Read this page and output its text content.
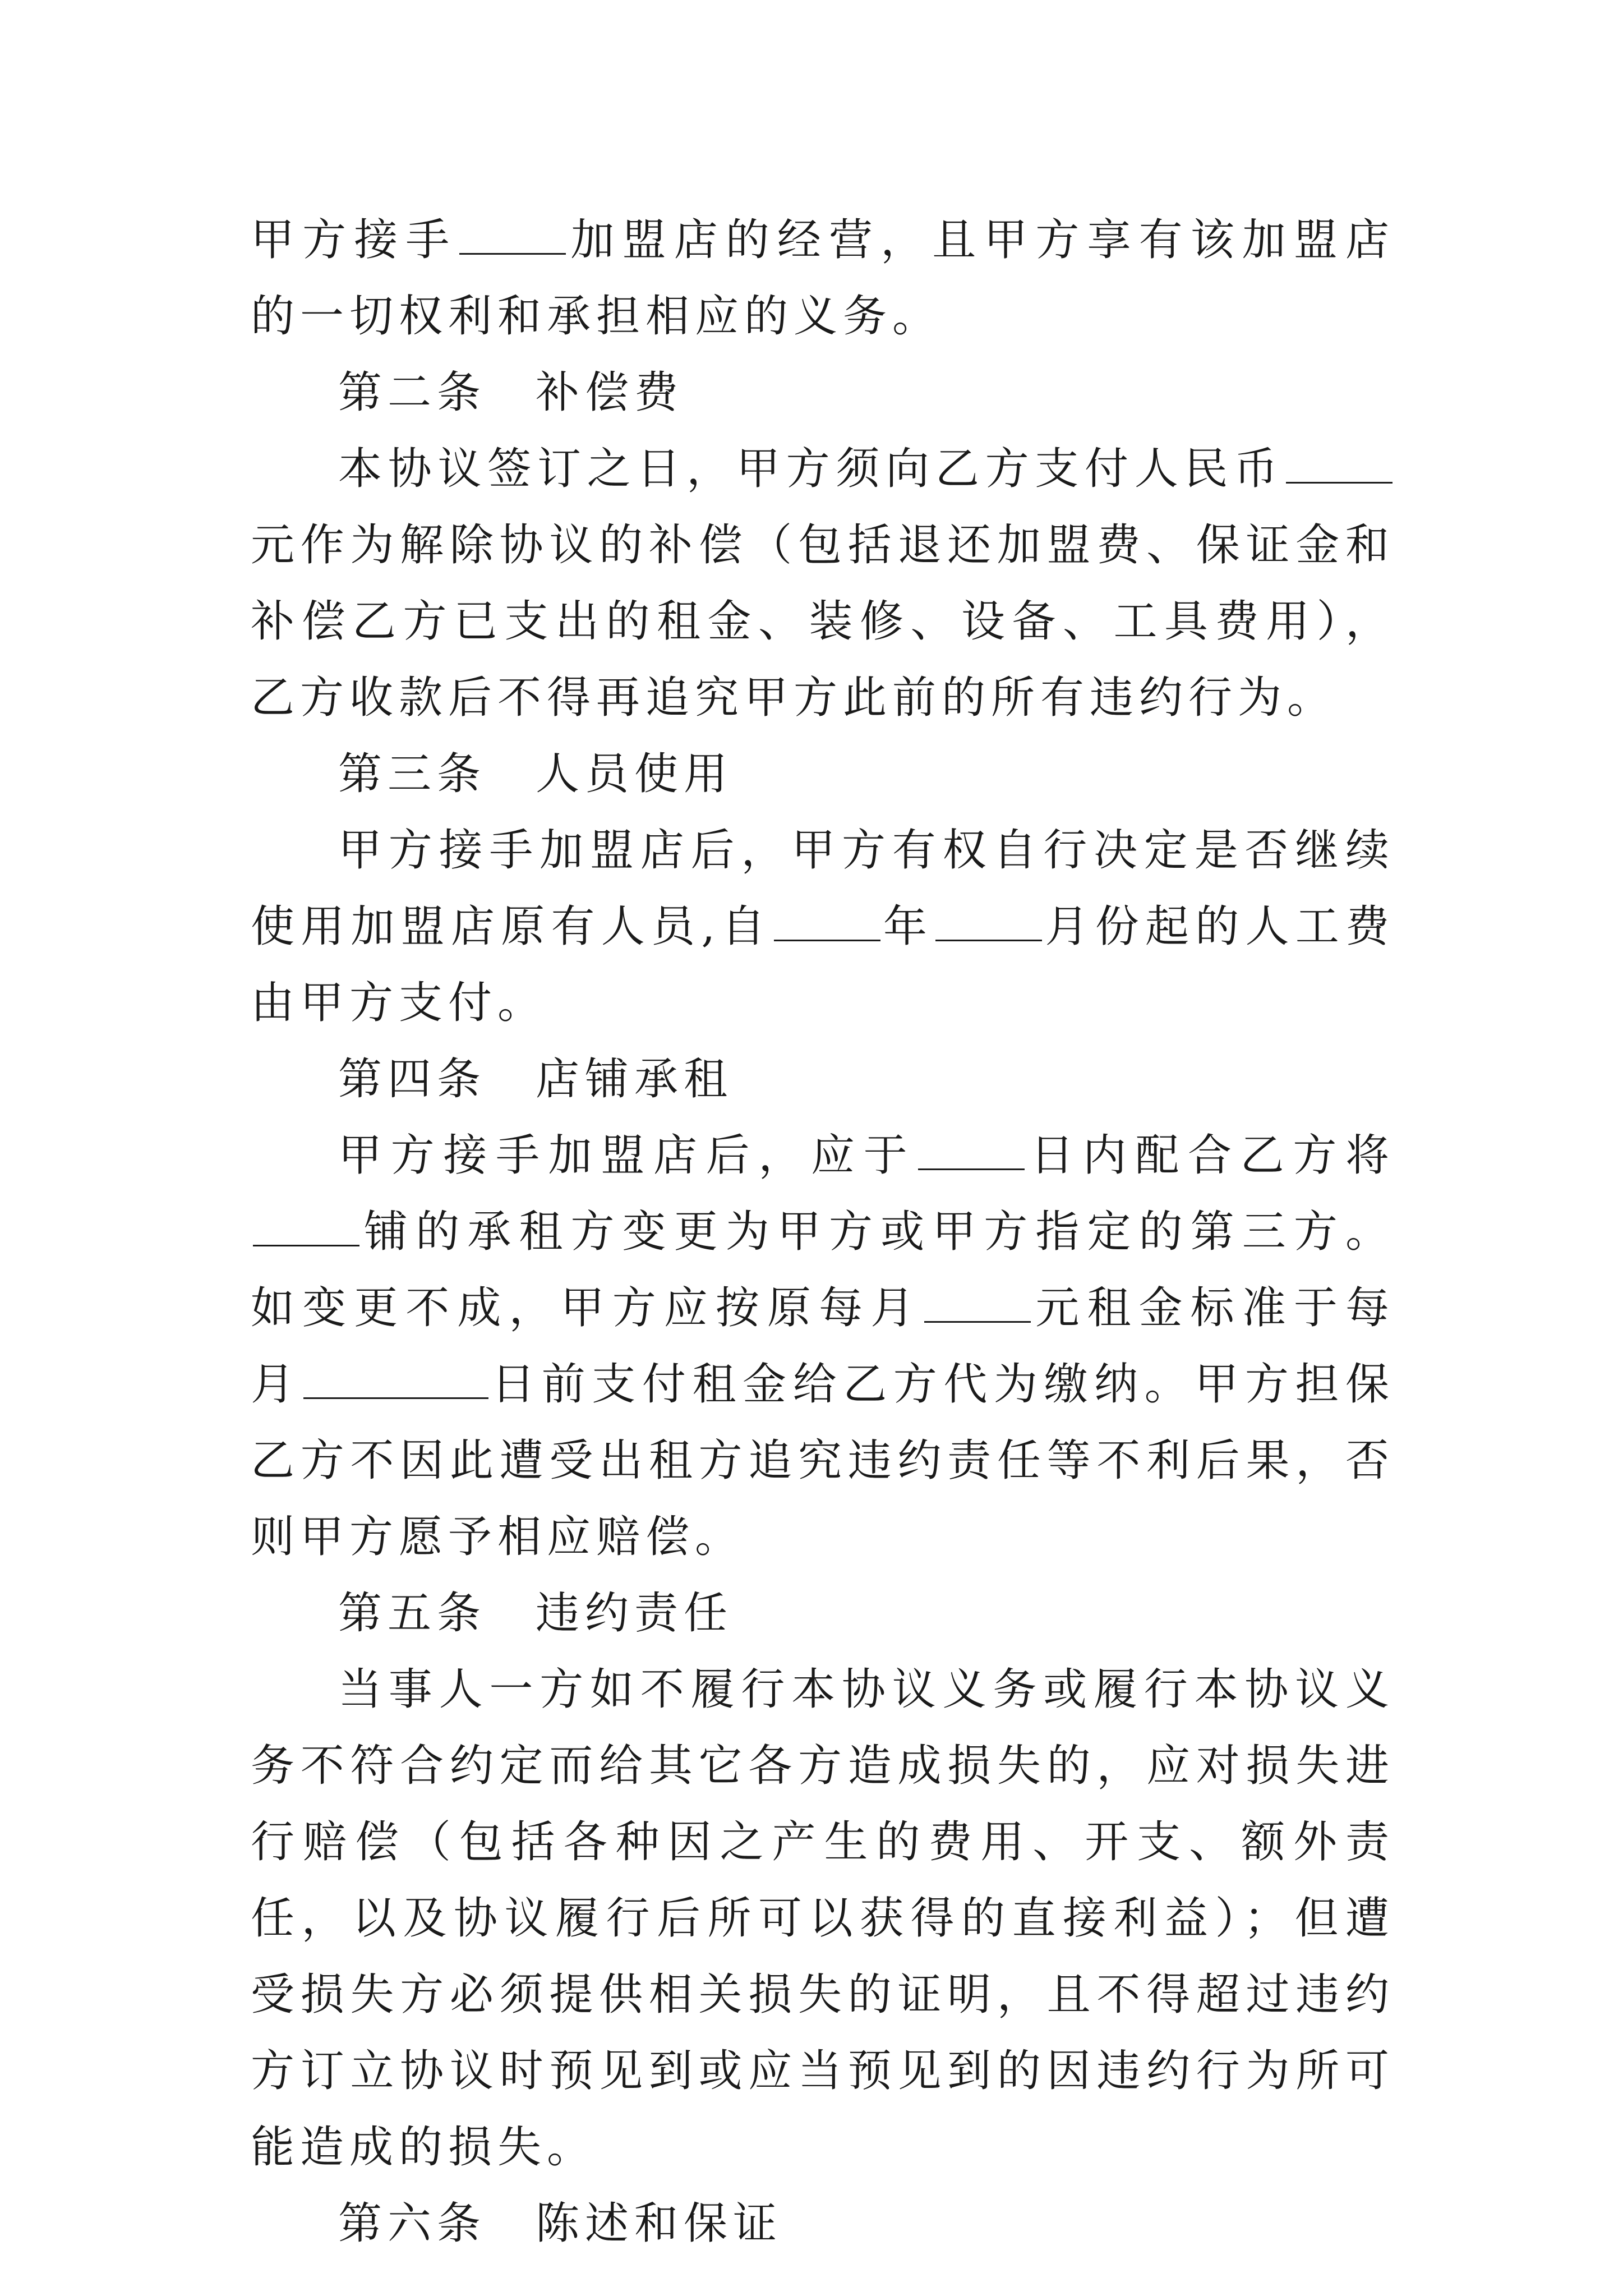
甲方接手	加盟店的经营，且甲方享有该加盟店的一切权利和承担相应的义务。

第二条　补偿费

本协议签订之日，甲方须向乙方支付人民币元作为解除协议的补偿（包括退还加盟费、保证金和补偿乙方已支出的租金、装修、设备、工具费用），乙方收款后不得再追究甲方此前的所有违约行为。

第三条　人员使用

甲方接手加盟店后，甲方有权自行决定是否继续使用加盟店原有人员,自	年	月份起的人工费由甲方支付。

第四条　店铺承租

甲方接手加盟店后，应于	日内配合乙方将铺的承租方变更为甲方或甲方指定的第三方。如变更不成，甲方应按原每月	元租金标准于每月	日前支付租金给乙方代为缴纳。甲方担保乙方不因此遭受出租方追究违约责任等不利后果，否则甲方愿予相应赔偿。

第五条　违约责任

当事人一方如不履行本协议义务或履行本协议义务不符合约定而给其它各方造成损失的，应对损失进行赔偿（包括各种因之产生的费用、开支、额外责任，以及协议履行后所可以获得的直接利益）；但遭受损失方必须提供相关损失的证明，且不得超过违约方订立协议时预见到或应当预见到的因违约行为所可能造成的损失。

第六条　陈述和保证
